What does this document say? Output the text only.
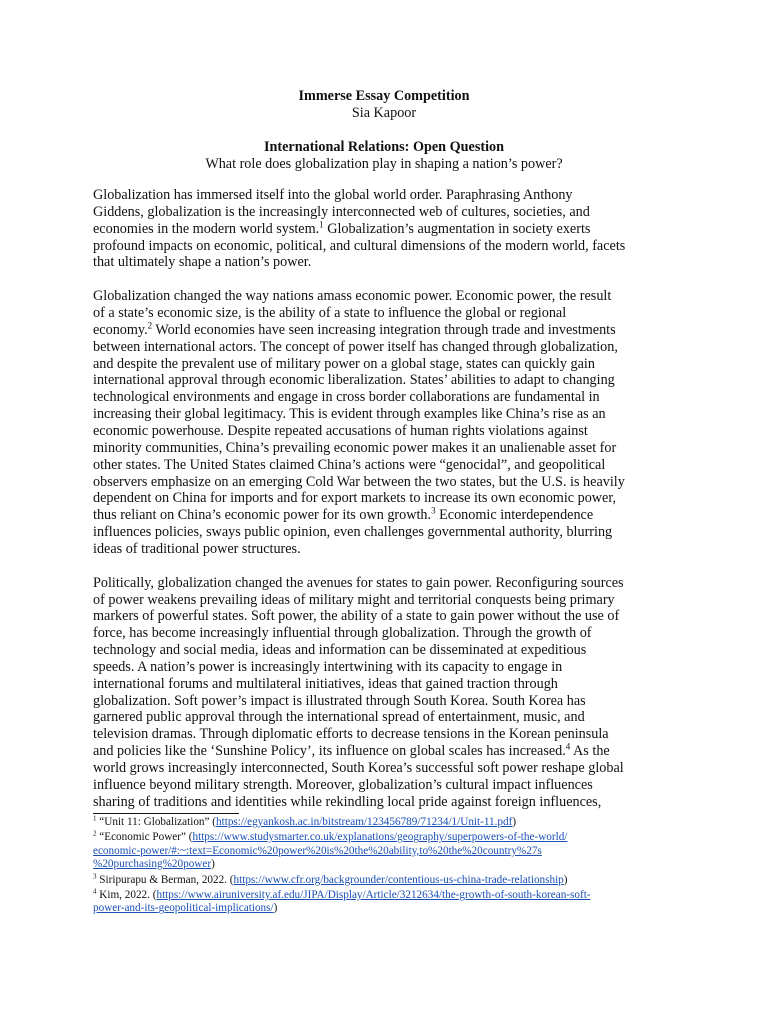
Immerse Essay Competition
Sia Kapoor
International Relations: Open Question
What role does globalization play in shaping a nation’s power?
Globalization has immersed itself into the global world order. Paraphrasing Anthony
Giddens, globalization is the increasingly interconnected web of cultures, societies, and
economies in the modern world system.$^1$ Globalization’s augmentation in society exerts
profound impacts on economic, political, and cultural dimensions of the modern world, facets
that ultimately shape a nation’s power.
Globalization changed the way nations amass economic power. Economic power, the result
of a state’s economic size, is the ability of a state to influence the global or regional
economy.$^2$ World economies have seen increasing integration through trade and investments
between international actors. The concept of power itself has changed through globalization,
and despite the prevalent use of military power on a global stage, states can quickly gain
international approval through economic liberalization. States’ abilities to adapt to changing
technological environments and engage in cross border collaborations are fundamental in
increasing their global legitimacy. This is evident through examples like China’s rise as an
economic powerhouse. Despite repeated accusations of human rights violations against
minority communities, China’s prevailing economic power makes it an unalienable asset for
other states. The United States claimed China’s actions were “genocidal”, and geopolitical
observers emphasize on an emerging Cold War between the two states, but the U.S. is heavily
dependent on China for imports and for export markets to increase its own economic power,
thus reliant on China’s economic power for its own growth.$^3$ Economic interdependence
influences policies, sways public opinion, even challenges governmental authority, blurring
ideas of traditional power structures.
Politically, globalization changed the avenues for states to gain power. Reconfiguring sources
of power weakens prevailing ideas of military might and territorial conquests being primary
markers of powerful states. Soft power, the ability of a state to gain power without the use of
force, has become increasingly influential through globalization. Through the growth of
technology and social media, ideas and information can be disseminated at expeditious
speeds. A nation’s power is increasingly intertwining with its capacity to engage in
international forums and multilateral initiatives, ideas that gained traction through
globalization. Soft power’s impact is illustrated through South Korea. South Korea has
garnered public approval through the international spread of entertainment, music, and
television dramas. Through diplomatic efforts to decrease tensions in the Korean peninsula
and policies like the ‘Sunshine Policy’, its influence on global scales has increased.$^4$ As the
world grows increasingly interconnected, South Korea’s successful soft power reshape global
influence beyond military strength. Moreover, globalization’s cultural impact influences
sharing of traditions and identities while rekindling local pride against foreign influences,
$^1$ “Unit 11: Globalization” (https://egyankosh.ac.in/bitstream/123456789/71234/1/Unit-11.pdf)
$^2$ “Economic Power” (https://www.studysmarter.co.uk/explanations/geography/superpowers-of-the-world/
economic-power/#:~:text=Economic%20power%20is%20the%20ability,to%20the%20country%27s
%20purchasing%20power)
$^3$ Siripurapu & Berman, 2022. (https://www.cfr.org/backgrounder/contentious-us-china-trade-relationship)
$^4$ Kim, 2022. (https://www.airuniversity.af.edu/JIPA/Display/Article/3212634/the-growth-of-south-korean-soft-
power-and-its-geopolitical-implications/)
